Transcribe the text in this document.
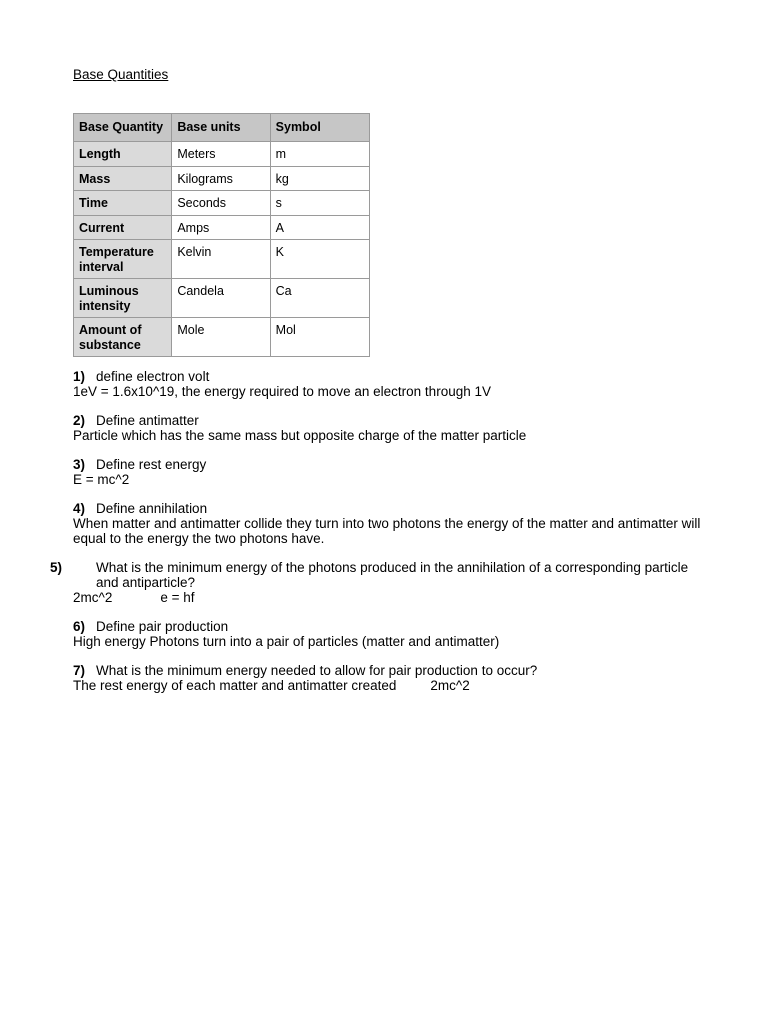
Base Quantities
Base Quantity	Base units	Symbol
Length	Meters	m
Mass	Kilograms	kg
Time	Seconds	s
Current	Amps	A
Temperature interval	Kelvin	K
Luminous intensity	Candela	Ca
Amount of substance	Mole	Mol

1) define electron volt

1eV = 1.6x10^19, the energy required to move an electron through 1V

2) Define antimatter

Particle which has the same mass but opposite charge of the matter particle

3) Define rest energy

E = mc^2

4) Define annihilation

When matter and antimatter collide they turn into two photons the energy of the matter and antimatter will equal to the energy the two photons have.

5)	What is the minimum energy of the photons produced in the annihilation of a corresponding particle and antiparticle?

2mc^2	e = hf

6) Define pair production

High energy Photons turn into a pair of particles (matter and antimatter)

7) What is the minimum energy needed to allow for pair production to occur?

The rest energy of each matter and antimatter created	2mc^2
